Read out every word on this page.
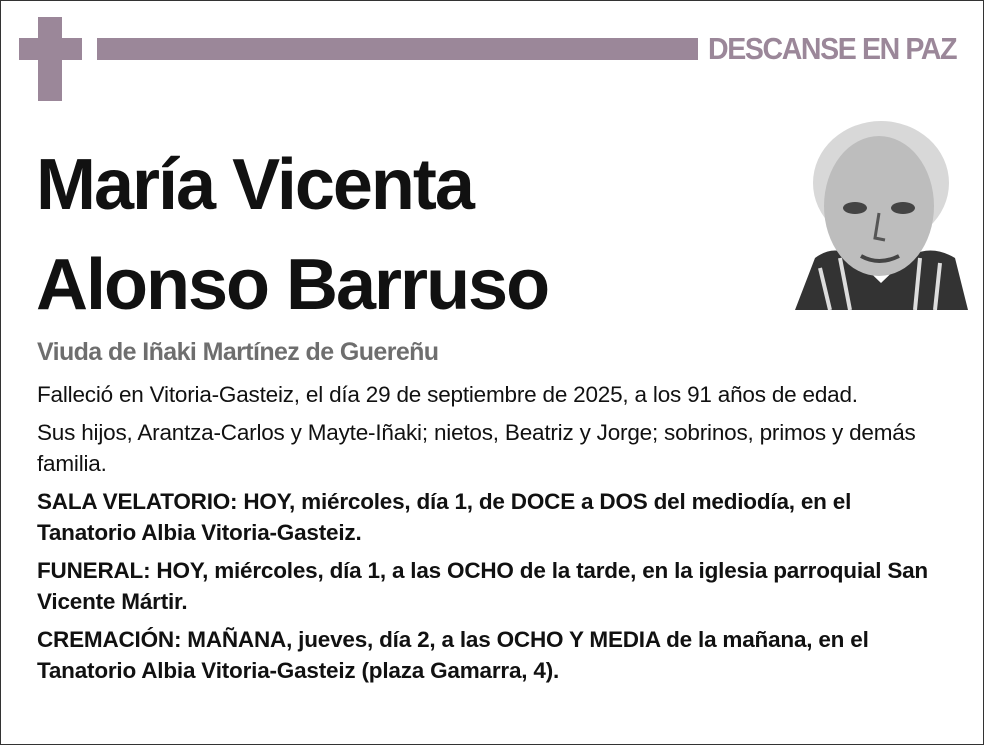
DESCANSE EN PAZ
María Vicenta
Alonso Barruso
Viuda de Iñaki Martínez de Guereñu

Falleció en Vitoria-Gasteiz, el día 29 de septiembre de 2025, a los 91 años de edad.

Sus hijos, Arantza-Carlos y Mayte-Iñaki; nietos, Beatriz y Jorge; sobrinos, primos y demás familia.

SALA VELATORIO: HOY, miércoles, día 1, de DOCE a DOS del mediodía, en el Tanatorio Albia Vitoria-Gasteiz.

FUNERAL: HOY, miércoles, día 1, a las OCHO de la tarde, en la iglesia parroquial San Vicente Mártir.

CREMACIÓN: MAÑANA, jueves, día 2, a las OCHO Y MEDIA de la mañana, en el Tanatorio Albia Vitoria-Gasteiz (plaza Gamarra, 4).
